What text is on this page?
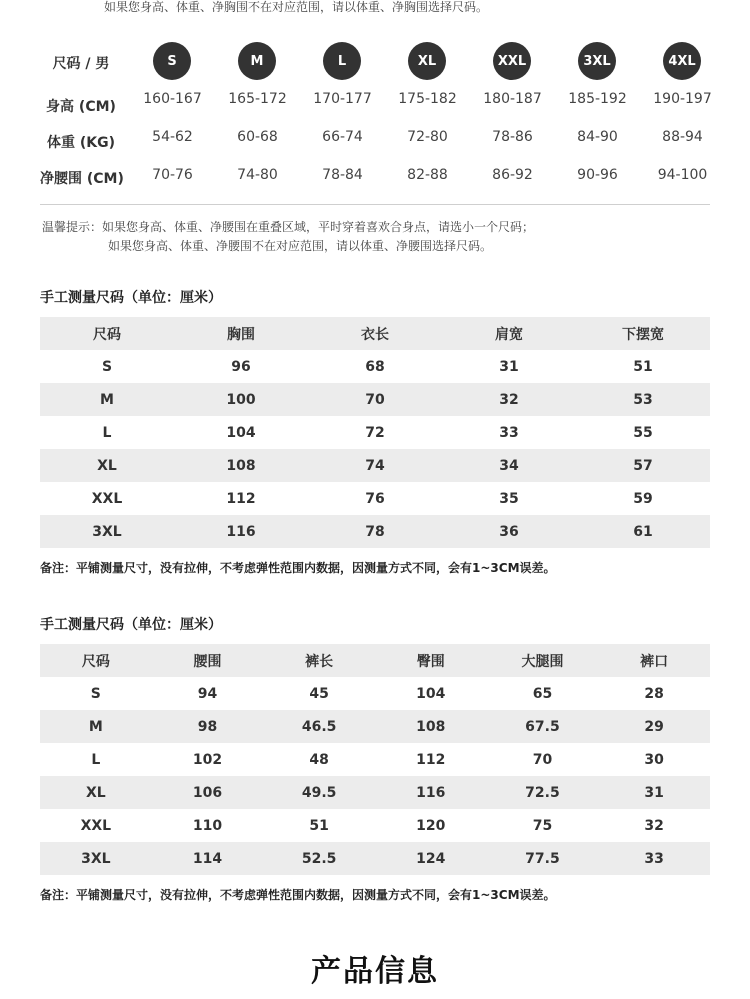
如果您身高、体重、净胸围不在对应范围，请以体重、净胸围选择尺码。
尺码 / 男	S	M	L	XL	XXL	3XL	4XL
身高 (CM)	160-167	165-172	170-177	175-182	180-187	185-192	190-197
体重 (KG)	54-62	60-68	66-74	72-80	78-86	84-90	88-94
净腰围 (CM)	70-76	74-80	78-84	82-88	86-92	90-96	94-100
温馨提示：如果您身高、体重、净腰围在重叠区域，平时穿着喜欢合身点，请选小一个尺码；
如果您身高、体重、净腰围不在对应范围，请以体重、净腰围选择尺码。
手工测量尺码（单位：厘米）
尺码	胸围	衣长	肩宽	下摆宽
S	96	68	31	51
M	100	70	32	53
L	104	72	33	55
XL	108	74	34	57
XXL	112	76	35	59
3XL	116	78	36	61
备注：平铺测量尺寸，没有拉伸，不考虑弹性范围内数据，因测量方式不同，会有1~3CM误差。
手工测量尺码（单位：厘米）
尺码	腰围	裤长	臀围	大腿围	裤口
S	94	45	104	65	28
M	98	46.5	108	67.5	29
L	102	48	112	70	30
XL	106	49.5	116	72.5	31
XXL	110	51	120	75	32
3XL	114	52.5	124	77.5	33
备注：平铺测量尺寸，没有拉伸，不考虑弹性范围内数据，因测量方式不同，会有1~3CM误差。
产品信息
